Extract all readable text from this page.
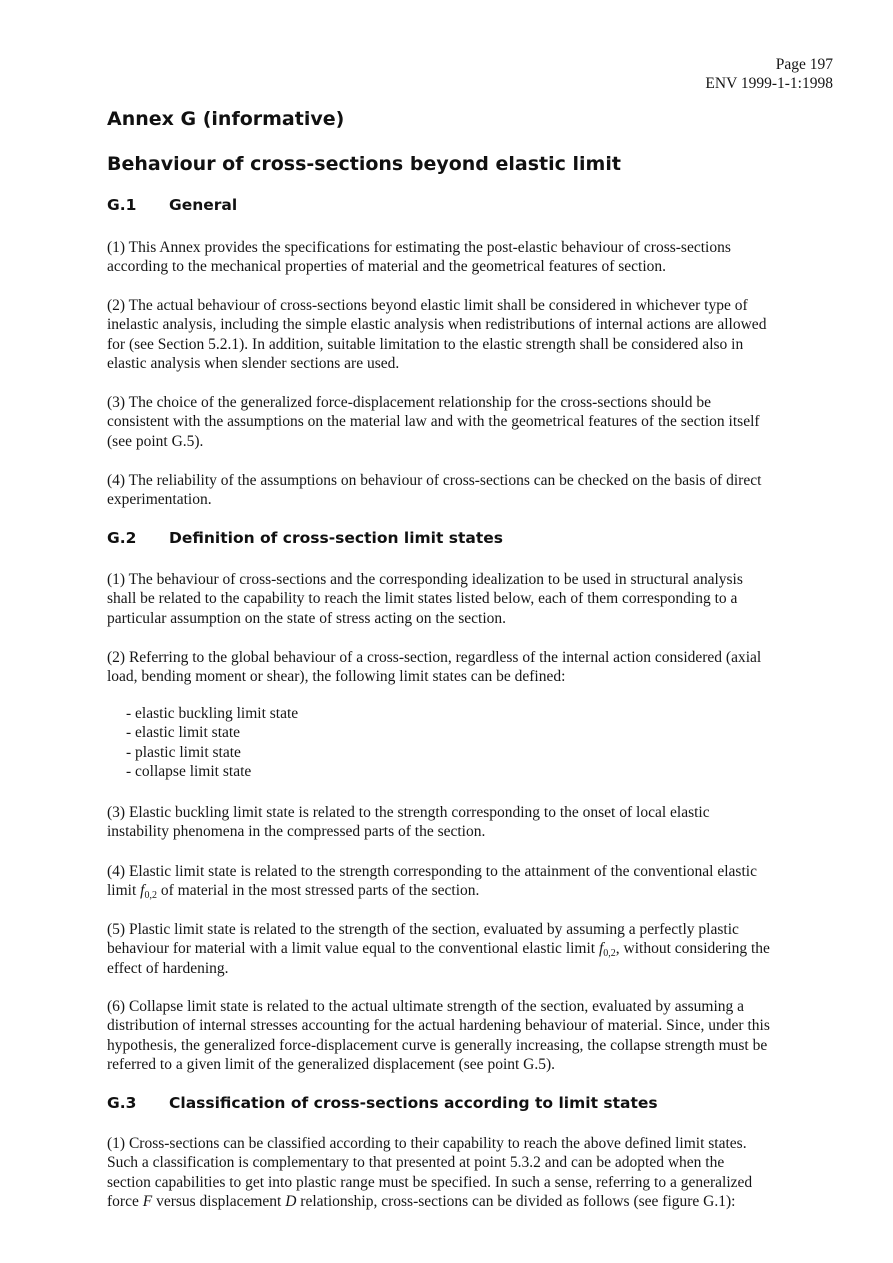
Page 197
ENV 1999-1-1:1998
Annex G (informative)
Behaviour of cross-sections beyond elastic limit
G.1 General

(1) This Annex provides the specifications for estimating the post-elastic behaviour of cross-sections
according to the mechanical properties of material and the geometrical features of section.

(2) The actual behaviour of cross-sections beyond elastic limit shall be considered in whichever type of
inelastic analysis, including the simple elastic analysis when redistributions of internal actions are allowed
for (see Section 5.2.1). In addition, suitable limitation to the elastic strength shall be considered also in
elastic analysis when slender sections are used.

(3) The choice of the generalized force-displacement relationship for the cross-sections should be
consistent with the assumptions on the material law and with the geometrical features of the section itself
(see point G.5).

(4) The reliability of the assumptions on behaviour of cross-sections can be checked on the basis of direct
experimentation.

G.2 Definition of cross-section limit states

(1) The behaviour of cross-sections and the corresponding idealization to be used in structural analysis
shall be related to the capability to reach the limit states listed below, each of them corresponding to a
particular assumption on the state of stress acting on the section.

(2) Referring to the global behaviour of a cross-section, regardless of the internal action considered (axial
load, bending moment or shear), the following limit states can be defined:

- elastic buckling limit state
- elastic limit state
- plastic limit state
- collapse limit state

(3) Elastic buckling limit state is related to the strength corresponding to the onset of local elastic
instability phenomena in the compressed parts of the section.

(4) Elastic limit state is related to the strength corresponding to the attainment of the conventional elastic
limit $f_{0,2}$ of material in the most stressed parts of the section.

(5) Plastic limit state is related to the strength of the section, evaluated by assuming a perfectly plastic
behaviour for material with a limit value equal to the conventional elastic limit $f_{0,2}$, without considering the
effect of hardening.

(6) Collapse limit state is related to the actual ultimate strength of the section, evaluated by assuming a
distribution of internal stresses accounting for the actual hardening behaviour of material. Since, under this
hypothesis, the generalized force-displacement curve is generally increasing, the collapse strength must be
referred to a given limit of the generalized displacement (see point G.5).

G.3 Classification of cross-sections according to limit states

(1) Cross-sections can be classified according to their capability to reach the above defined limit states.
Such a classification is complementary to that presented at point 5.3.2 and can be adopted when the
section capabilities to get into plastic range must be specified. In such a sense, referring to a generalized
force F versus displacement D relationship, cross-sections can be divided as follows (see figure G.1):
